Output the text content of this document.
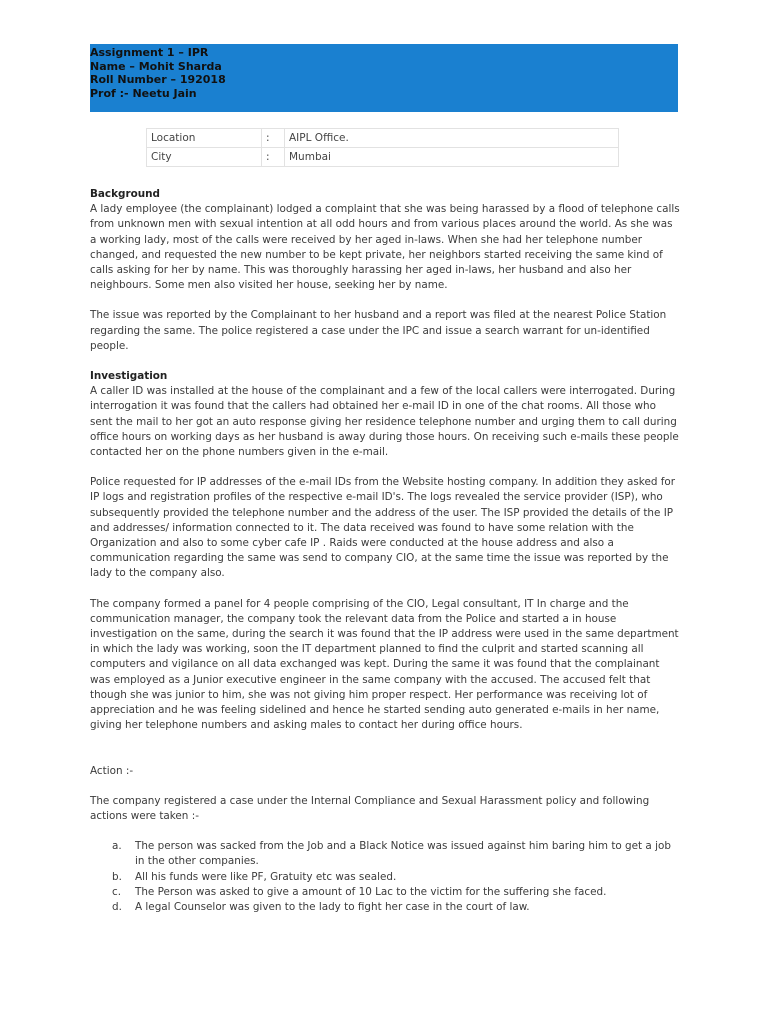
Assignment 1 – IPR
Name – Mohit Sharda
Roll Number – 192018
Prof :- Neetu Jain
Location	:	AIPL Office.
City	:	Mumbai

Background

A lady employee (the complainant) lodged a complaint that she was being harassed by a flood of telephone calls from unknown men with sexual intention at all odd hours and from various places around the world. As she was a working lady, most of the calls were received by her aged in-laws. When she had her telephone number changed, and requested the new number to be kept private, her neighbors started receiving the same kind of calls asking for her by name. This was thoroughly harassing her aged in-laws, her husband and also her neighbours. Some men also visited her house, seeking her by name.

The issue was reported by the Complainant to her husband and a report was filed at the nearest Police Station regarding the same. The police registered a case under the IPC and issue a search warrant for un-identified people.

Investigation

A caller ID was installed at the house of the complainant and a few of the local callers were interrogated. During interrogation it was found that the callers had obtained her e-mail ID in one of the chat rooms. All those who sent the mail to her got an auto response giving her residence telephone number and urging them to call during office hours on working days as her husband is away during those hours. On receiving such e-mails these people contacted her on the phone numbers given in the e-mail.

Police requested for IP addresses of the e-mail IDs from the Website hosting company. In addition they asked for IP logs and registration profiles of the respective e-mail ID's. The logs revealed the service provider (ISP), who subsequently provided the telephone number and the address of the user. The ISP provided the details of the IP and addresses/ information connected to it. The data received was found to have some relation with the Organization and also to some cyber cafe IP . Raids were conducted at the house address and also a communication regarding the same was send to company CIO, at the same time the issue was reported by the lady to the company also.

The company formed a panel for 4 people comprising of the CIO, Legal consultant, IT In charge and the communication manager, the company took the relevant data from the Police and started a in house investigation on the same, during the search it was found that the IP address were used in the same department in which the lady was working, soon the IT department planned to find the culprit and started scanning all computers and vigilance on all data exchanged was kept. During the same it was found that the complainant was employed as a Junior executive engineer in the same company with the accused. The accused felt that though she was junior to him, she was not giving him proper respect. Her performance was receiving lot of appreciation and he was feeling sidelined and hence he started sending auto generated e-mails in her name, giving her telephone numbers and asking males to contact her during office hours.

Action :-

The company registered a case under the Internal Compliance and Sexual Harassment policy and following actions were taken :-

a. The person was sacked from the Job and a Black Notice was issued against him baring him to get a job in the other companies.
b. All his funds were like PF, Gratuity etc was sealed.
c. The Person was asked to give a amount of 10 Lac to the victim for the suffering she faced.
d. A legal Counselor was given to the lady to fight her case in the court of law.
